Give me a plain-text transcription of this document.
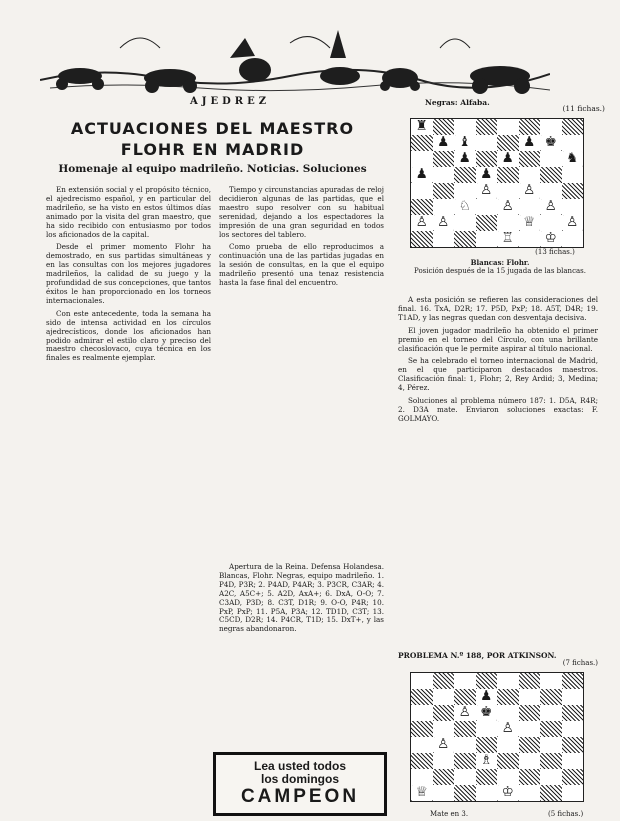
AJEDREZ
ACTUACIONES DEL MAESTRO FLOHR EN MADRID
Homenaje al equipo madrileño. Noticias. Soluciones

En extensión social y el propósito técnico, el ajedrecismo español, y en particular del madrileño, se ha visto en estos últimos días animado por la visita del gran maestro, que ha sido recibido con entusiasmo por todos los aficionados de la capital.

Desde el primer momento Flohr ha demostrado, en sus partidas simultáneas y en las consultas con los mejores jugadores madrileños, la calidad de su juego y la profundidad de sus concepciones, que tantos éxitos le han proporcionado en los torneos internacionales.

Con este antecedente, toda la semana ha sido de intensa actividad en los círculos ajedrecísticos, donde los aficionados han podido admirar el estilo claro y preciso del maestro checoslovaco, cuya técnica en los finales es realmente ejemplar.

Tiempo y circunstancias apuradas de reloj decidieron algunas de las partidas, que el maestro supo resolver con su habitual serenidad, dejando a los espectadores la impresión de una gran seguridad en todos los sectores del tablero.

Como prueba de ello reproducimos a continuación una de las partidas jugadas en la sesión de consultas, en la que el equipo madrileño presentó una tenaz resistencia hasta la fase final del encuentro.

Apertura de la Reina. Defensa Holandesa. Blancas, Flohr. Negras, equipo madrileño. 1. P4D, P3R; 2. P4AD, P4AR; 3. P3CR, C3AR; 4. A2C, A5C+; 5. A2D, AxA+; 6. DxA, O-O; 7. C3AD, P3D; 8. C3T, D1R; 9. O-O, P4R; 10. PxP, PxP; 11. P5A, P3A; 12. TD1D, C3T; 13. C5CD, D2R; 14. P4CR, T1D; 15. DxT+, y las negras abandonaron.

Lea usted todos
los domingos
CAMPEON
Negras: Alfaba.
(11 fichas.)
♜
♟ ♝	♟ ♚
♟	♟	♞
♟	♟
♙	♙
♘	♙	♙
♙ ♙	♕	♙
♖	♔
(13 fichas.)
Blancas: Flohr.
Posición después de la 15 jugada de las blancas.

A esta posición se refieren las consideraciones del final. 16. TxA, D2R; 17. P5D, PxP; 18. A5T, D4R; 19. T1AD, y las negras quedan con desventaja decisiva.

El joven jugador madrileño ha obtenido el primer premio en el torneo del Círculo, con una brillante clasificación que le permite aspirar al título nacional.

Se ha celebrado el torneo internacional de Madrid, en el que participaron destacados maestros. Clasificación final: 1, Flohr; 2, Rey Ardid; 3, Medina; 4, Pérez.

Soluciones al problema número 187: 1. D5A, R4R; 2. D3A mate. Enviaron soluciones exactas: F. GOLMAYO.

PROBLEMA N.º 188, POR ATKINSON.
(7 fichas.)
♟
♙ ♚
♙
♙
♗
♕	♔
Mate en 3.	(5 fichas.)
